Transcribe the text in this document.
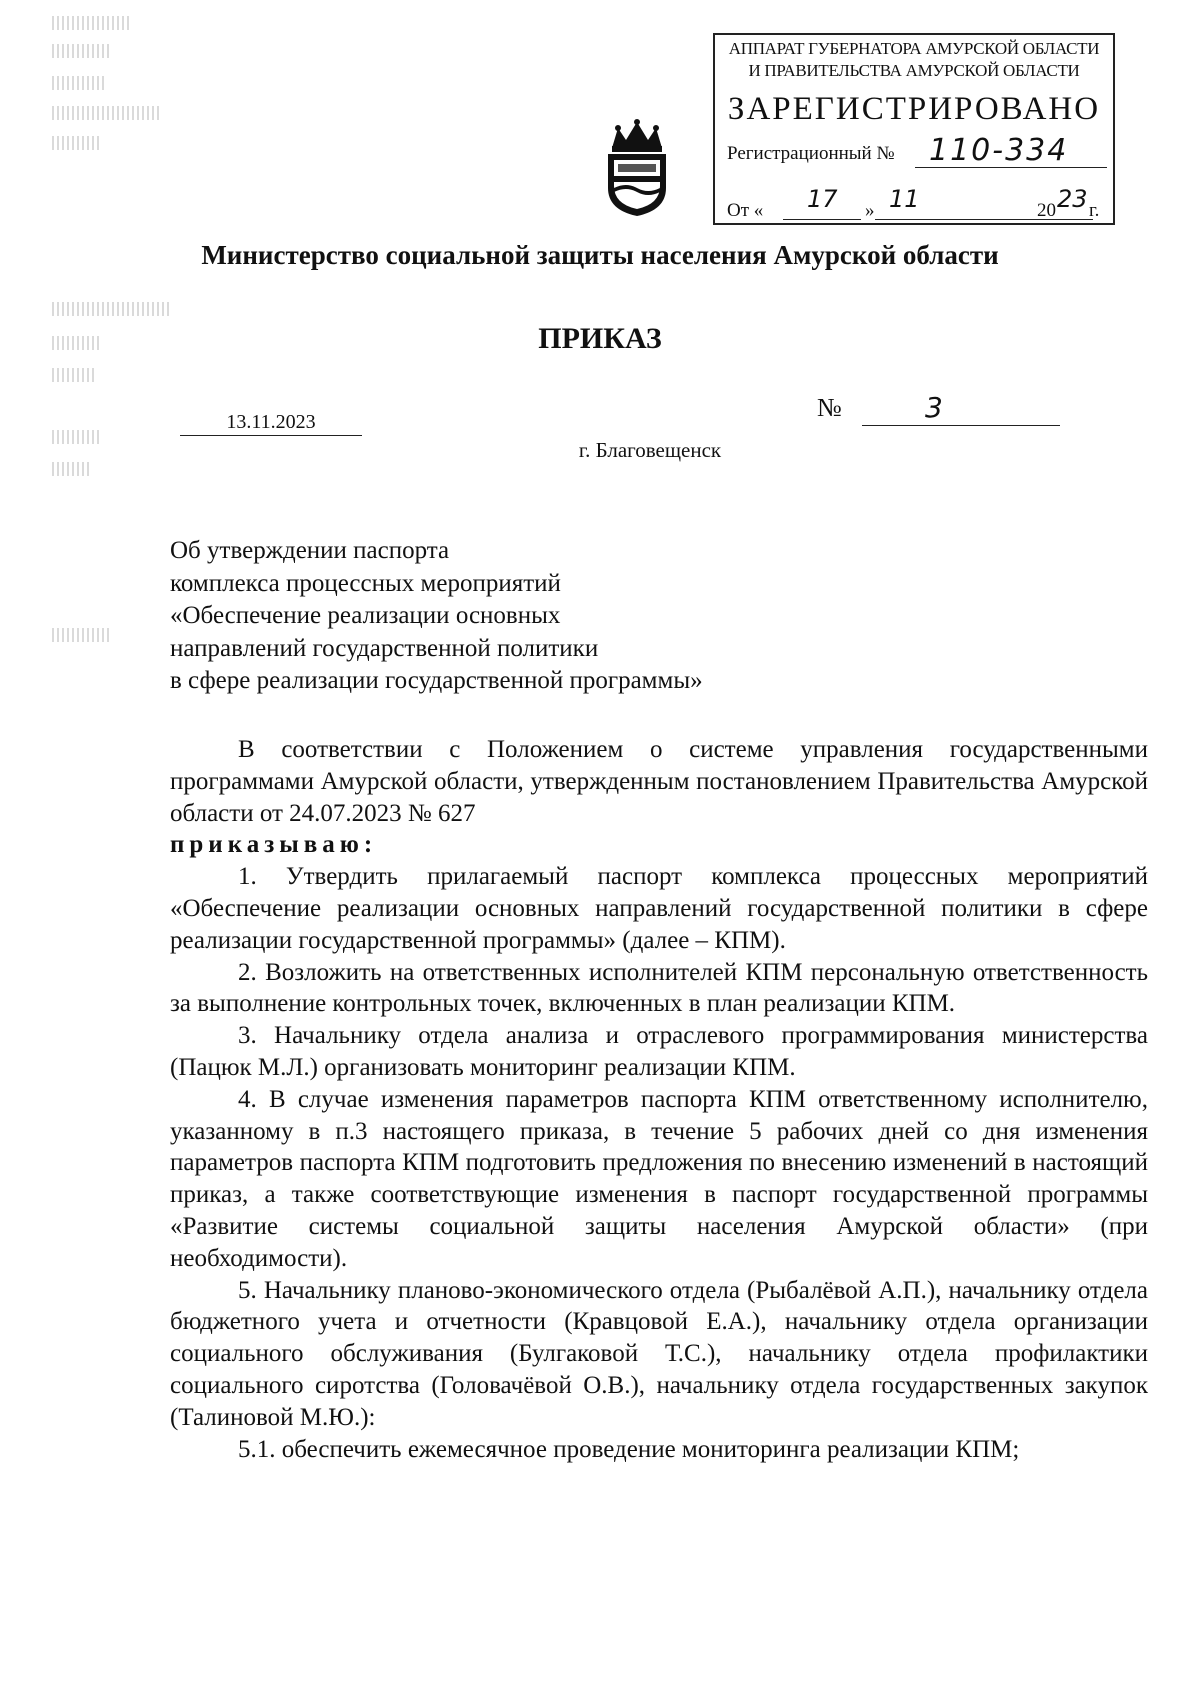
АППАРАТ ГУБЕРНАТОРА АМУРСКОЙ ОБЛАСТИ
И ПРАВИТЕЛЬСТВА АМУРСКОЙ ОБЛАСТИ
ЗАРЕГИСТРИРОВАНО
Регистрационный № 110-334
От « 17 » 11	20 23 г.
Министерство социальной защиты населения Амурской области
ПРИКАЗ
13.11.2023	№	3
г. Благовещенск
Об утверждении паспорта
комплекса процессных мероприятий
«Обеспечение реализации основных
направлений государственной политики
в сфере реализации государственной программы»

В соответствии с Положением о системе управления государственными программами Амурской области, утвержденным постановлением Правительства Амурской области от 24.07.2023 № 627

приказываю:

1. Утвердить прилагаемый паспорт комплекса процессных мероприятий «Обеспечение реализации основных направлений государственной политики в сфере реализации государственной программы» (далее – КПМ).

2. Возложить на ответственных исполнителей КПМ персональную ответственность за выполнение контрольных точек, включенных в план реализации КПМ.

3. Начальнику отдела анализа и отраслевого программирования министерства (Пацюк М.Л.) организовать мониторинг реализации КПМ.

4. В случае изменения параметров паспорта КПМ ответственному исполнителю, указанному в п.3 настоящего приказа, в течение 5 рабочих дней со дня изменения параметров паспорта КПМ подготовить предложения по внесению изменений в настоящий приказ, а также соответствующие изменения в паспорт государственной программы «Развитие системы социальной защиты населения Амурской области» (при необходимости).

5. Начальнику планово-экономического отдела (Рыбалёвой А.П.), начальнику отдела бюджетного учета и отчетности (Кравцовой Е.А.), начальнику отдела организации социального обслуживания (Булгаковой Т.С.), начальнику отдела профилактики социального сиротства (Головачёвой О.В.), начальнику отдела государственных закупок (Талиновой М.Ю.):

5.1. обеспечить ежемесячное проведение мониторинга реализации КПМ;
